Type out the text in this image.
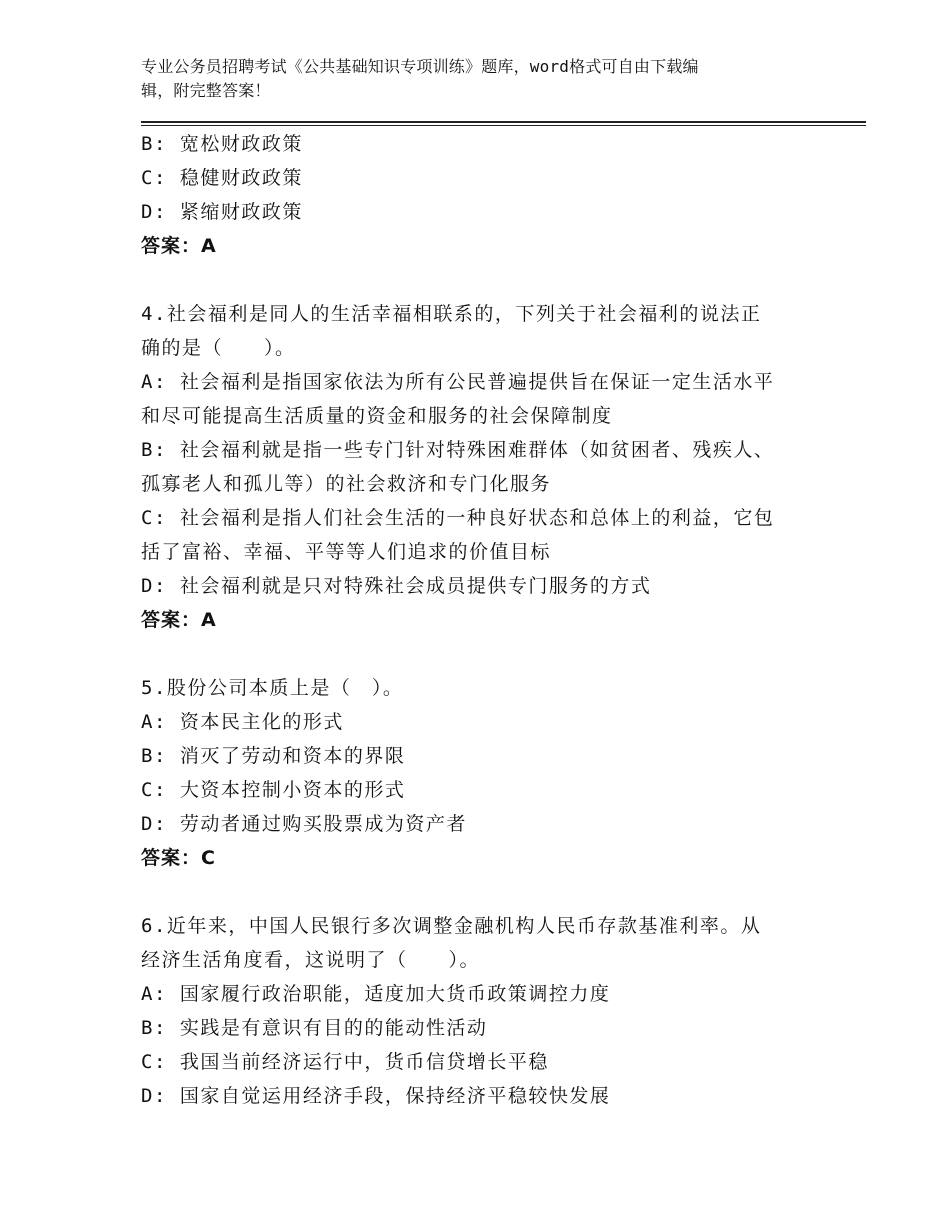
专业公务员招聘考试《公共基础知识专项训练》题库，word格式可自由下载编
辑，附完整答案！
B: 宽松财政政策
C: 稳健财政政策
D: 紧缩财政政策
答案：A
4.社会福利是同人的生活幸福相联系的，下列关于社会福利的说法正
确的是（　　）。
A: 社会福利是指国家依法为所有公民普遍提供旨在保证一定生活水平
和尽可能提高生活质量的资金和服务的社会保障制度
B: 社会福利就是指一些专门针对特殊困难群体（如贫困者、残疾人、
孤寡老人和孤儿等）的社会救济和专门化服务
C: 社会福利是指人们社会生活的一种良好状态和总体上的利益，它包
括了富裕、幸福、平等等人们追求的价值目标
D: 社会福利就是只对特殊社会成员提供专门服务的方式
答案：A
5.股份公司本质上是（　）。
A: 资本民主化的形式
B: 消灭了劳动和资本的界限
C: 大资本控制小资本的形式
D: 劳动者通过购买股票成为资产者
答案：C
6.近年来，中国人民银行多次调整金融机构人民币存款基准利率。从
经济生活角度看，这说明了（　　）。
A: 国家履行政治职能，适度加大货币政策调控力度
B: 实践是有意识有目的的能动性活动
C: 我国当前经济运行中，货币信贷增长平稳
D: 国家自觉运用经济手段，保持经济平稳较快发展
